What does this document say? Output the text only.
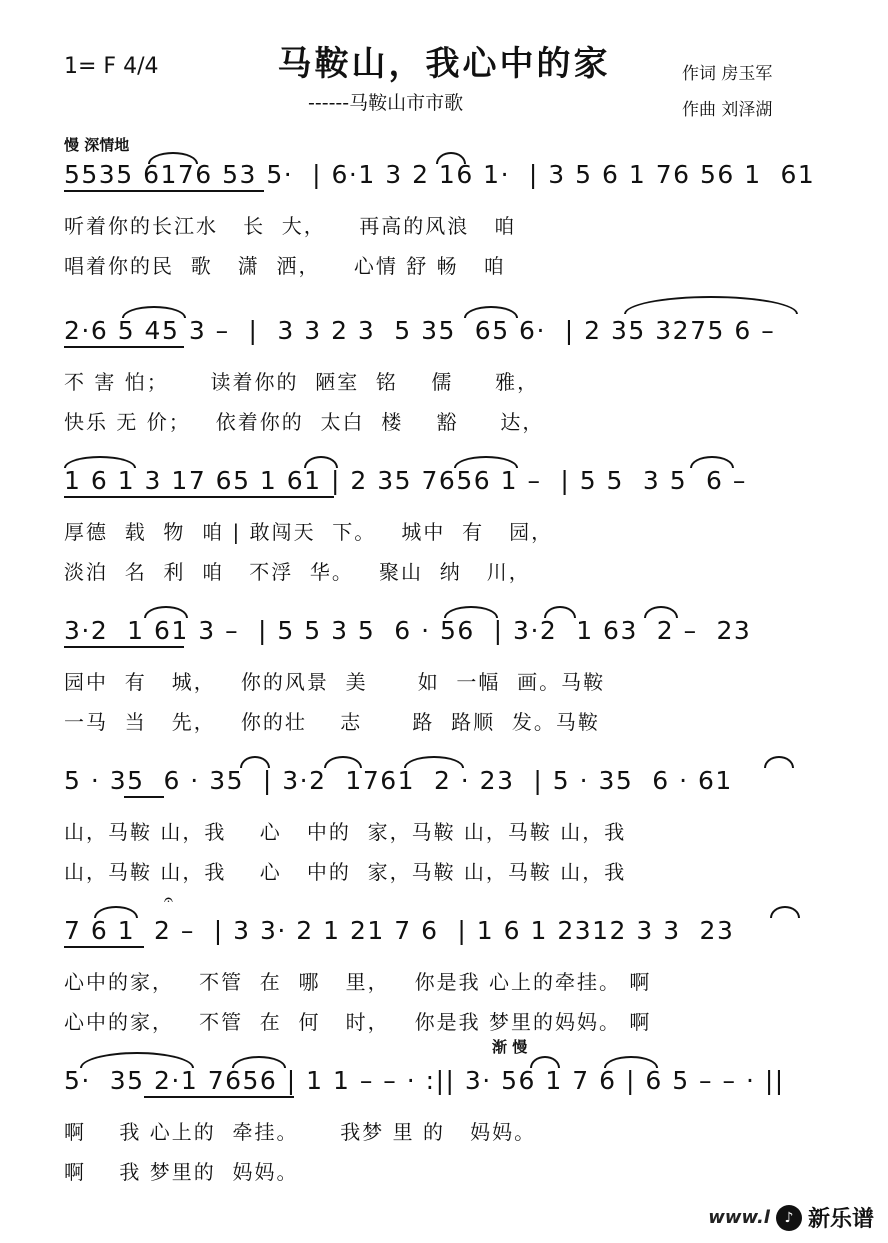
1= F 4/4	马鞍山，我心中的家
------马鞍山市市歌
作词 房玉军
作曲 刘泽湖
慢 深情地
5535 6176 53 5·  | 6·1 3 2 16 1·  | 3 5 6 1 76 56 1  61
听着你的长江水   长  大，    再高的风浪   咱
唱着你的民  歌   潇  洒，    心情 舒 畅   咱
2·6 5 45 3 –  |  3 3 2 3  5 35  65 6·  | 2 35 3275 6 –
不 害 怕；     读着你的  陋室  铭    儒     雅，
快乐 无 价；   依着你的  太白  楼    豁     达，
1 6 1 3 17 65 1 61 | 2 35 7656 1 –  | 5 5  3 5  6 –
厚德  载  物  咱 | 敢闯天  下。   城中  有   园，
淡泊  名  利  咱   不浮  华。   聚山  纳   川，
3·2  1 61 3 –  | 5 5 3 5  6 · 56  | 3·2  1 63  2 –  23
园中  有   城，   你的风景  美      如  一幅  画。马鞍
一马  当   先，   你的壮    志      路  路顺  发。马鞍
5 · 35  6 · 35  | 3·2  1761  2 · 23  | 5 · 35  6 · 61
山，马鞍 山，我    心   中的  家，马鞍 山，马鞍 山，我
山，马鞍 山，我    心   中的  家，马鞍 山，马鞍 山，我
𝄐
7 6 1  2 –  | 3 3· 2 1 21 7 6  | 1 6 1 2312 3 3  23
心中的家，   不管  在  哪   里，   你是我 心上的牵挂。 啊
心中的家，   不管  在  何   时，   你是我 梦里的妈妈。 啊
渐 慢
5·  35 2·1 7656 | 1 1 – – · :|| 3· 56 1 7 6 | 6 5 – – · ||
啊    我 心上的  牵挂。     我梦 里 的   妈妈。
啊    我 梦里的  妈妈。
www.l	♪ 新乐谱
